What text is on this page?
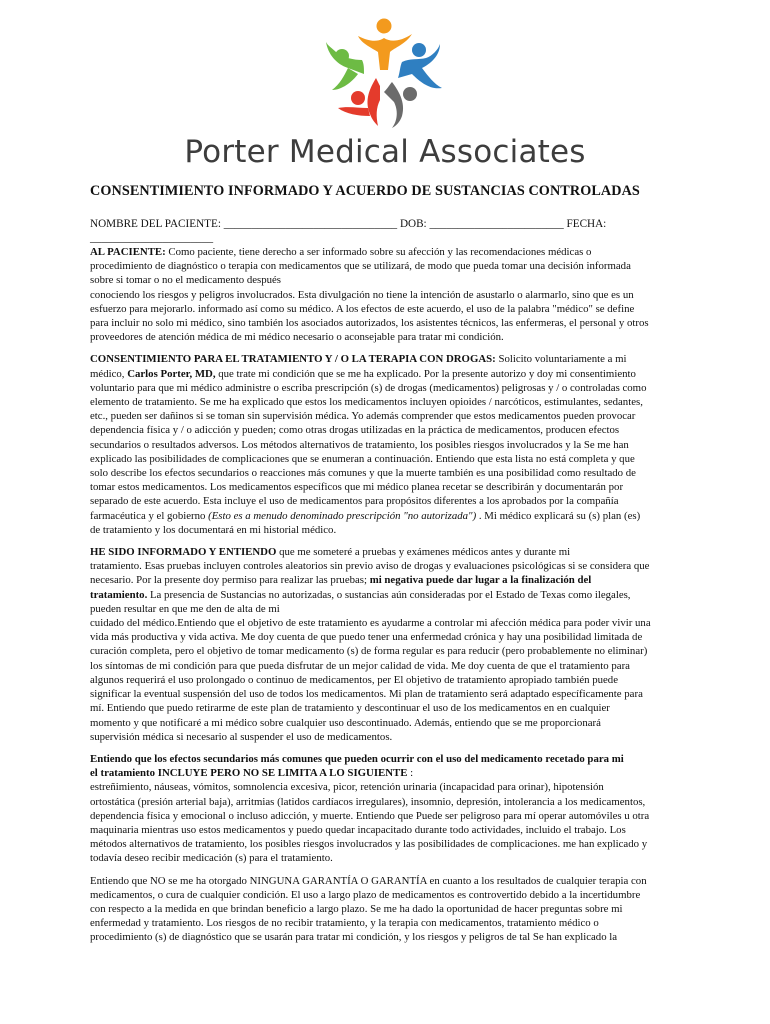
Porter Medical Associates
CONSENTIMIENTO INFORMADO Y ACUERDO DE SUSTANCIAS CONTROLADAS
NOMBRE DEL PACIENTE: _______________________________ DOB: ________________________ FECHA:
______________________

AL PACIENTE: Como paciente, tiene derecho a ser informado sobre su afección y las recomendaciones médicas o
procedimiento de diagnóstico o terapia con medicamentos que se utilizará, de modo que pueda tomar una decisión informada
sobre si tomar o no el medicamento después
conociendo los riesgos y peligros involucrados. Esta divulgación no tiene la intención de asustarlo o alarmarlo, sino que es un
esfuerzo para mejorarlo. informado así como su médico. A los efectos de este acuerdo, el uso de la palabra "médico" se define
para incluir no solo mi médico, sino también los asociados autorizados, los asistentes técnicos, las enfermeras, el personal y otros
proveedores de atención médica de mi médico necesario o aconsejable para tratar mi condición.

CONSENTIMIENTO PARA EL TRATAMIENTO Y / O LA TERAPIA CON DROGAS: Solicito voluntariamente a mi
médico, Carlos Porter, MD, que trate mi condición que se me ha explicado. Por la presente autorizo y doy mi consentimiento
voluntario para que mi médico administre o escriba prescripción (s) de drogas (medicamentos) peligrosas y / o controladas como
elemento de tratamiento. Se me ha explicado que estos los medicamentos incluyen opioides / narcóticos, estimulantes, sedantes,
etc., pueden ser dañinos si se toman sin supervisión médica. Yo además comprender que estos medicamentos pueden provocar
dependencia física y / o adicción y pueden; como otras drogas utilizadas en la práctica de medicamentos, producen efectos
secundarios o resultados adversos. Los métodos alternativos de tratamiento, los posibles riesgos involucrados y la Se me han
explicado las posibilidades de complicaciones que se enumeran a continuación. Entiendo que esta lista no está completa y que
solo describe los efectos secundarios o reacciones más comunes y que la muerte también es una posibilidad como resultado de
tomar estos medicamentos. Los medicamentos específicos que mi médico planea recetar se describirán y documentarán por
separado de este acuerdo. Esta incluye el uso de medicamentos para propósitos diferentes a los aprobados por la compañía
farmacéutica y el gobierno (Esto es a menudo denominado prescripción "no autorizada") . Mi médico explicará su (s) plan (es)
de tratamiento y los documentará en mi historial médico.

HE SIDO INFORMADO Y ENTIENDO que me someteré a pruebas y exámenes médicos antes y durante mi
tratamiento. Esas pruebas incluyen controles aleatorios sin previo aviso de drogas y evaluaciones psicológicas si se considera que
necesario. Por la presente doy permiso para realizar las pruebas; mi negativa puede dar lugar a la finalización del
tratamiento. La presencia de Sustancias no autorizadas, o sustancias aún consideradas por el Estado de Texas como ilegales,
pueden resultar en que me den de alta de mi
cuidado del médico.Entiendo que el objetivo de este tratamiento es ayudarme a controlar mi afección médica para poder vivir una
vida más productiva y vida activa. Me doy cuenta de que puedo tener una enfermedad crónica y hay una posibilidad limitada de
curación completa, pero el objetivo de tomar medicamento (s) de forma regular es para reducir (pero probablemente no eliminar)
los síntomas de mi condición para que pueda disfrutar de un mejor calidad de vida. Me doy cuenta de que el tratamiento para
algunos requerirá el uso prolongado o continuo de medicamentos, per El objetivo de tratamiento apropiado también puede
significar la eventual suspensión del uso de todos los medicamentos. Mi plan de tratamiento será adaptado específicamente para
mí. Entiendo que puedo retirarme de este plan de tratamiento y descontinuar el uso de los medicamentos en en cualquier
momento y que notificaré a mi médico sobre cualquier uso descontinuado. Además, entiendo que se me proporcionará
supervisión médica si necesario al suspender el uso de medicamentos.

Entiendo que los efectos secundarios más comunes que pueden ocurrir con el uso del medicamento recetado para mi
el tratamiento INCLUYE PERO NO SE LIMITA A LO SIGUIENTE :
estreñimiento, náuseas, vómitos, somnolencia excesiva, picor, retención urinaria (incapacidad para orinar), hipotensión
ortostática (presión arterial baja), arritmias (latidos cardíacos irregulares), insomnio, depresión, intolerancia a los medicamentos,
dependencia física y emocional o incluso adicción, y muerte. Entiendo que Puede ser peligroso para mí operar automóviles u otra
maquinaria mientras uso estos medicamentos y puedo quedar incapacitado durante todo actividades, incluido el trabajo. Los
métodos alternativos de tratamiento, los posibles riesgos involucrados y las posibilidades de complicaciones. me han explicado y
todavía deseo recibir medicación (s) para el tratamiento.

Entiendo que NO se me ha otorgado NINGUNA GARANTÍA O GARANTÍA en cuanto a los resultados de cualquier terapia con
medicamentos, o cura de cualquier condición. El uso a largo plazo de medicamentos es controvertido debido a la incertidumbre
con respecto a la medida en que brindan beneficio a largo plazo. Se me ha dado la oportunidad de hacer preguntas sobre mi
enfermedad y tratamiento. Los riesgos de no recibir tratamiento, y la terapia con medicamentos, tratamiento médico o
procedimiento (s) de diagnóstico que se usarán para tratar mi condición, y los riesgos y peligros de tal Se han explicado la
